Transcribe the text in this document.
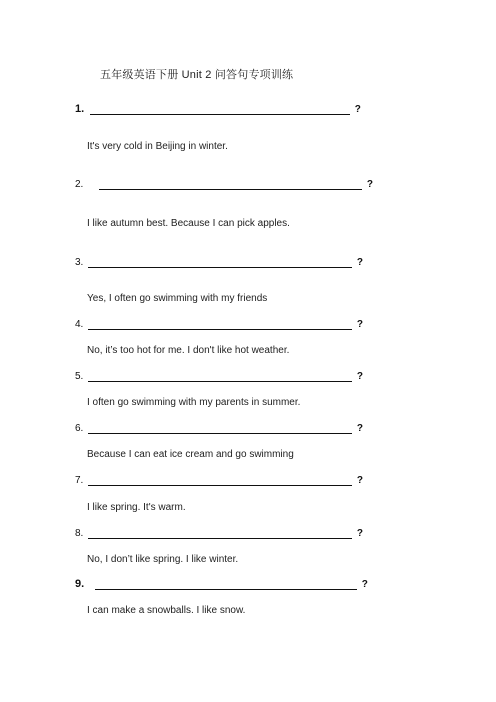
五年级英语下册 Unit 2 问答句专项训练
1.	?
It's very cold in Beijing in winter.
2.	?
I like autumn best. Because I can pick apples.
3.	?
Yes, I often go swimming with my friends
4.	?
No, it’s too hot for me. I don't like hot weather.
5.	?
I often go swimming with my parents in summer.
6.	?
Because I can eat ice cream and go swimming
7.	?
I like spring. It's warm.
8.	?
No, I don’t like spring. I like winter.
9.	?
I can make a snowballs. I like snow.
